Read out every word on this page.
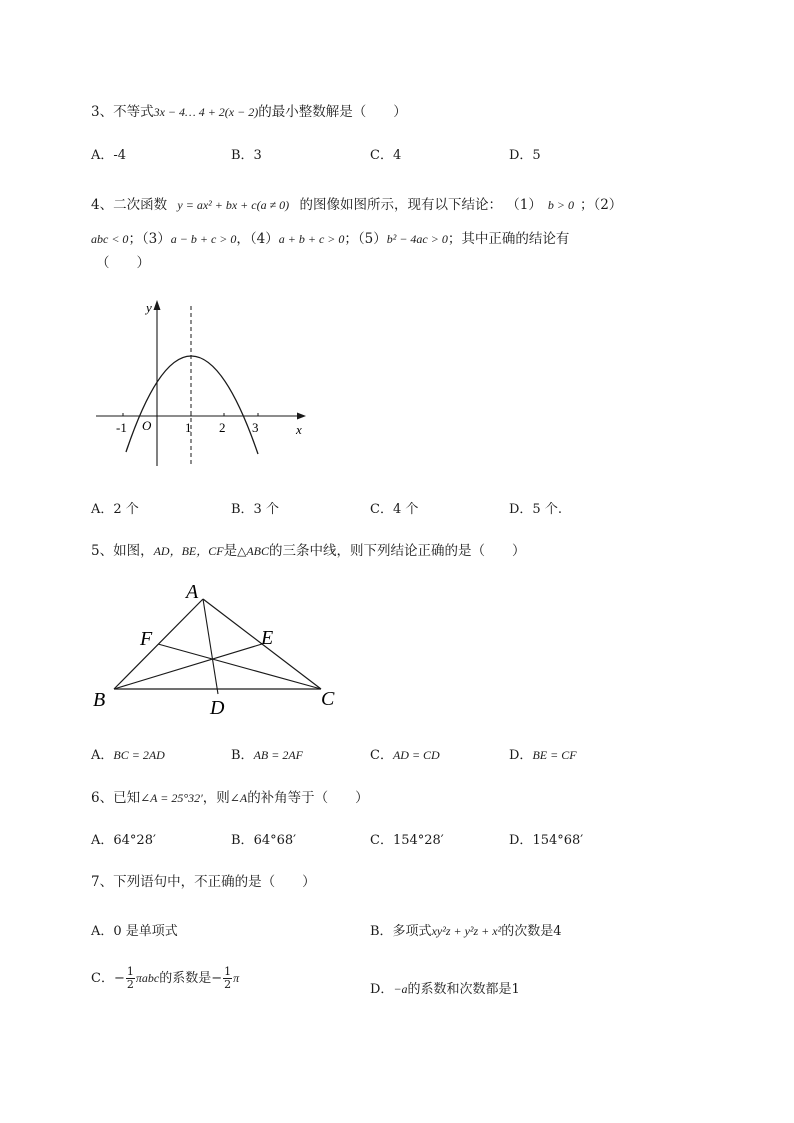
3、不等式3x − 4… 4 + 2(x − 2)的最小整数解是（　　）
A．-4	B．3	C．4	D．5
4、二次函数 y = ax² + bx + c(a ≠ 0) 的图像如图所示，现有以下结论： （1） b > 0 ；（2）
abc < 0；（3）a − b + c > 0，（4）a + b + c > 0；（5）b² − 4ac > 0；其中正确的结论有
（　　）
y
x
O
-1	1 2 3
A．2 个	B．3 个	C．4 个	D．5 个.
5、如图，AD，BE，CF是△ABC的三条中线，则下列结论正确的是（　　）
A
B	C
D
E
F
A．BC = 2AD	B．AB = 2AF	C．AD = CD	D．BE = CF
6、已知∠A = 25°32′，则∠A的补角等于（　　）
A．64°28′	B．64°68′	C．154°28′	D．154°68′
7、下列语句中，不正确的是（　　）
A．0 是单项式	B．多项式xy²z + y²z + x²的次数是4
C．− $\frac{1}{2}$ πabc的系数是− $\frac{1}{2}$ π
D．−a的系数和次数都是1
